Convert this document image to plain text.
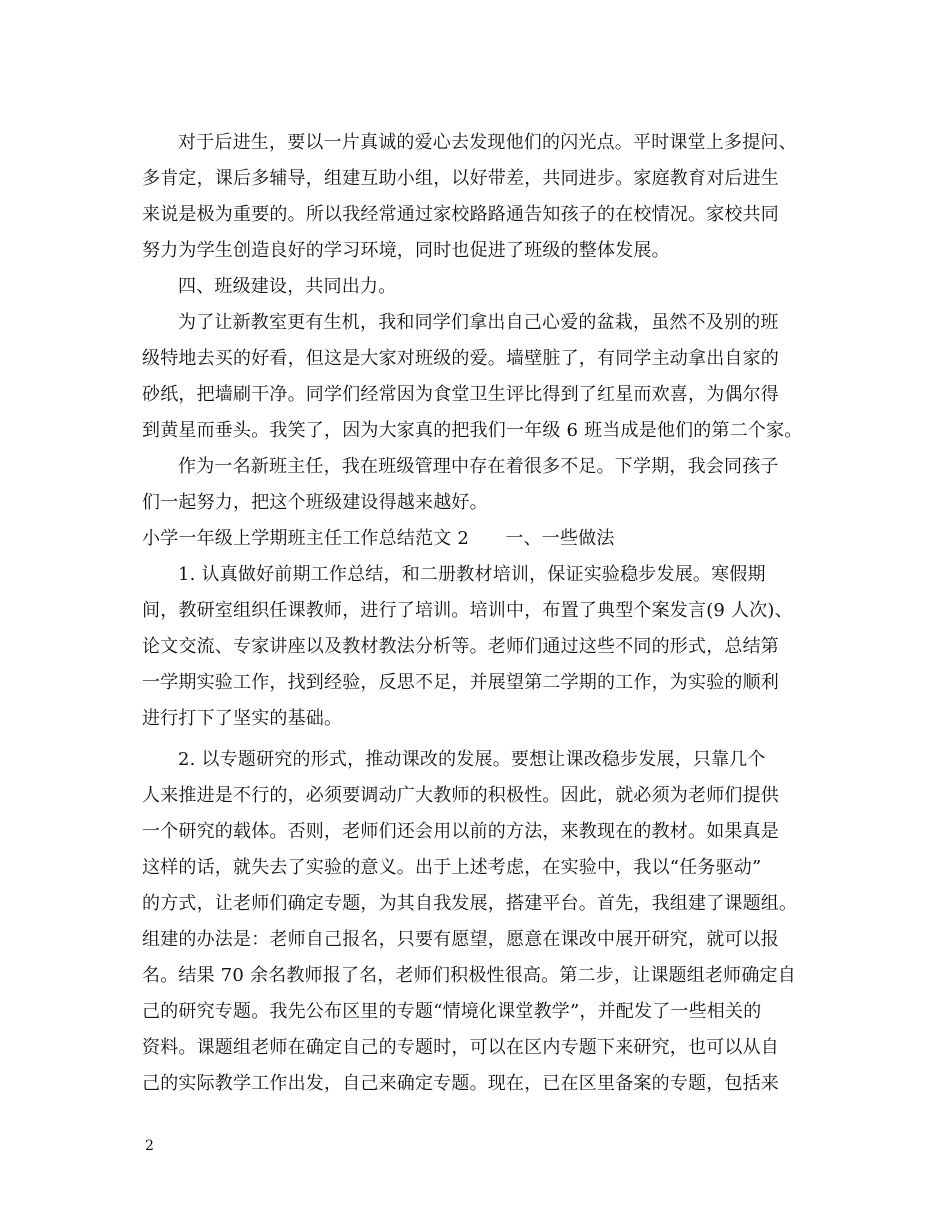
对于后进生，要以一片真诚的爱心去发现他们的闪光点。平时课堂上多提问、
多肯定，课后多辅导，组建互助小组，以好带差，共同进步。家庭教育对后进生
来说是极为重要的。所以我经常通过家校路路通告知孩子的在校情况。家校共同
努力为学生创造良好的学习环境，同时也促进了班级的整体发展。
四、班级建设，共同出力。
为了让新教室更有生机，我和同学们拿出自己心爱的盆栽，虽然不及别的班
级特地去买的好看，但这是大家对班级的爱。墙壁脏了，有同学主动拿出自家的
砂纸，把墙刷干净。同学们经常因为食堂卫生评比得到了红星而欢喜，为偶尔得
到黄星而垂头。我笑了，因为大家真的把我们一年级 6 班当成是他们的第二个家。
作为一名新班主任，我在班级管理中存在着很多不足。下学期，我会同孩子
们一起努力，把这个班级建设得越来越好。
小学一年级上学期班主任工作总结范文 2　　一、一些做法
1. 认真做好前期工作总结，和二册教材培训，保证实验稳步发展。寒假期
间，教研室组织任课教师，进行了培训。培训中，布置了典型个案发言(9 人次)、
论文交流、专家讲座以及教材教法分析等。老师们通过这些不同的形式，总结第
一学期实验工作，找到经验，反思不足，并展望第二学期的工作，为实验的顺利
进行打下了坚实的基础。
2. 以专题研究的形式，推动课改的发展。要想让课改稳步发展，只靠几个
人来推进是不行的，必须要调动广大教师的积极性。因此，就必须为老师们提供
一个研究的载体。否则，老师们还会用以前的方法，来教现在的教材。如果真是
这样的话，就失去了实验的意义。出于上述考虑，在实验中，我以“任务驱动”
的方式，让老师们确定专题，为其自我发展，搭建平台。首先，我组建了课题组。
组建的办法是：老师自己报名，只要有愿望，愿意在课改中展开研究，就可以报
名。结果 70 余名教师报了名，老师们积极性很高。第二步，让课题组老师确定自
己的研究专题。我先公布区里的专题“情境化课堂教学”，并配发了一些相关的
资料。课题组老师在确定自己的专题时，可以在区内专题下来研究，也可以从自
己的实际教学工作出发，自己来确定专题。现在，已在区里备案的专题，包括来
2
